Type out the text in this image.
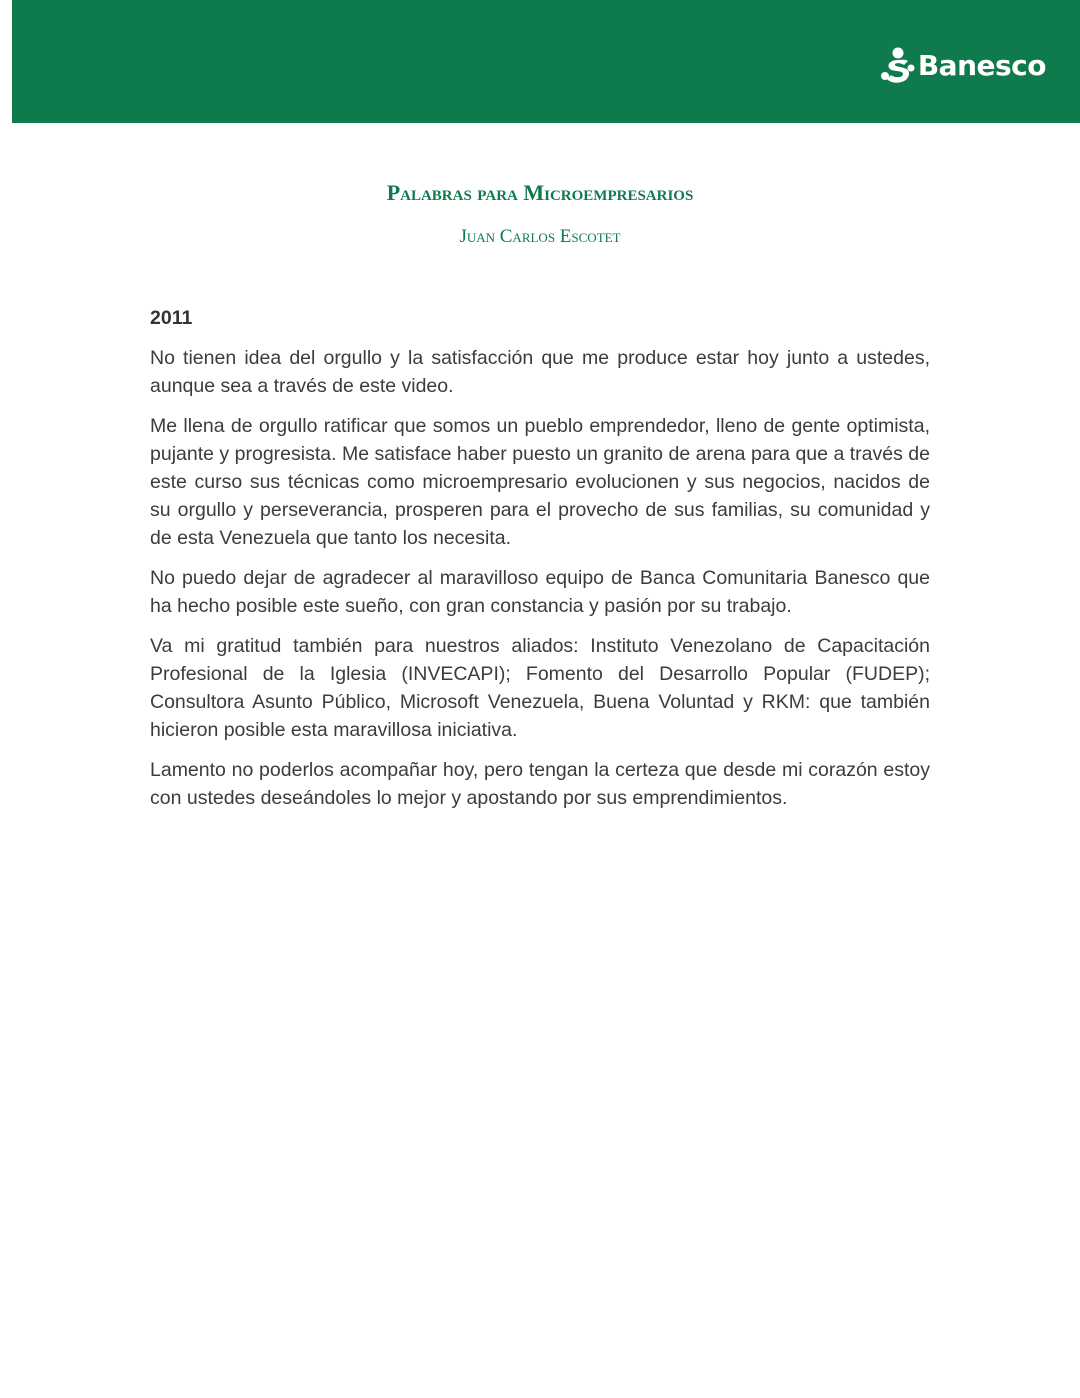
Banesco
Palabras para Microempresarios

Juan Carlos Escotet

2011

No tienen idea del orgullo y la satisfacción que me produce estar hoy junto a ustedes, aunque sea a través de este video.

Me llena de orgullo ratificar que somos un pueblo emprendedor, lleno de gente optimista, pujante y progresista. Me satisface haber puesto un granito de arena para que a través de este curso sus técnicas como microempresario evolucionen y sus negocios, nacidos de su orgullo y perseverancia, prosperen para el provecho de sus familias, su comunidad y de esta Venezuela que tanto los necesita.

No puedo dejar de agradecer al maravilloso equipo de Banca Comunitaria Banesco que ha hecho posible este sueño, con gran constancia y pasión por su trabajo.

Va mi gratitud también para nuestros aliados: Instituto Venezolano de Capacitación Profesional de la Iglesia (INVECAPI); Fomento del Desarrollo Popular (FUDEP); Consultora Asunto Público, Microsoft Venezuela, Buena Voluntad y RKM: que también hicieron posible esta maravillosa iniciativa.

Lamento no poderlos acompañar hoy, pero tengan la certeza que desde mi corazón estoy con ustedes deseándoles lo mejor y apostando por sus emprendimientos.
